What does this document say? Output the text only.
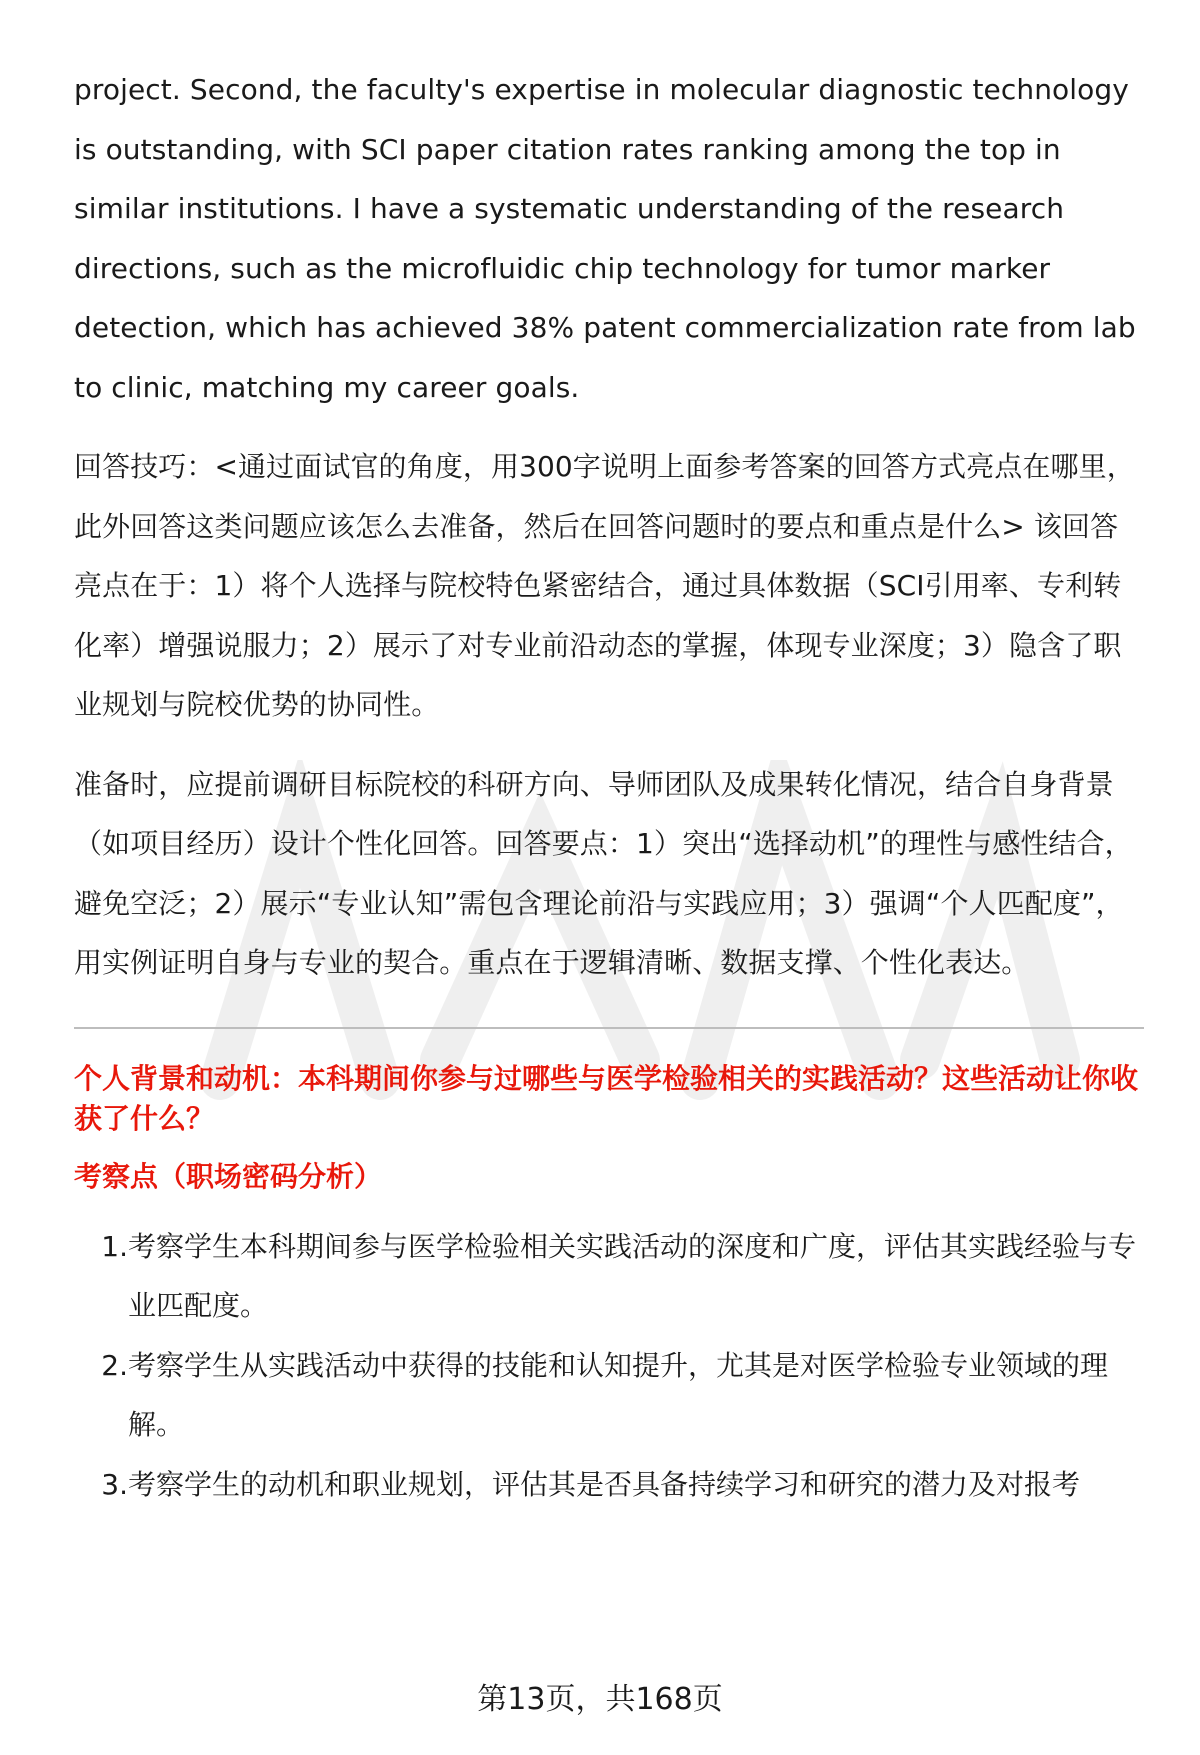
project. Second, the faculty's expertise in molecular diagnostic technology is outstanding, with SCI paper citation rates ranking among the top in similar institutions. I have a systematic understanding of the research directions, such as the microfluidic chip technology for tumor marker detection, which has achieved 38% patent commercialization rate from lab to clinic, matching my career goals.

回答技巧：<通过面试官的角度，用300字说明上面参考答案的回答方式亮点在哪里，此外回答这类问题应该怎么去准备，然后在回答问题时的要点和重点是什么> 该回答亮点在于：1）将个人选择与院校特色紧密结合，通过具体数据（SCI引用率、专利转化率）增强说服力；2）展示了对专业前沿动态的掌握，体现专业深度；3）隐含了职业规划与院校优势的协同性。

准备时，应提前调研目标院校的科研方向、导师团队及成果转化情况，结合自身背景（如项目经历）设计个性化回答。回答要点：1）突出“选择动机”的理性与感性结合，避免空泛；2）展示“专业认知”需包含理论前沿与实践应用；3）强调“个人匹配度”，用实例证明自身与专业的契合。重点在于逻辑清晰、数据支撑、个性化表达。

个人背景和动机：本科期间你参与过哪些与医学检验相关的实践活动？这些活动让你收获了什么？
考察点（职场密码分析）
1. 考察学生本科期间参与医学检验相关实践活动的深度和广度，评估其实践经验与专业匹配度。
2. 考察学生从实践活动中获得的技能和认知提升，尤其是对医学检验专业领域的理解。
3. 考察学生的动机和职业规划，评估其是否具备持续学习和研究的潜力及对报考
第13页，共168页
